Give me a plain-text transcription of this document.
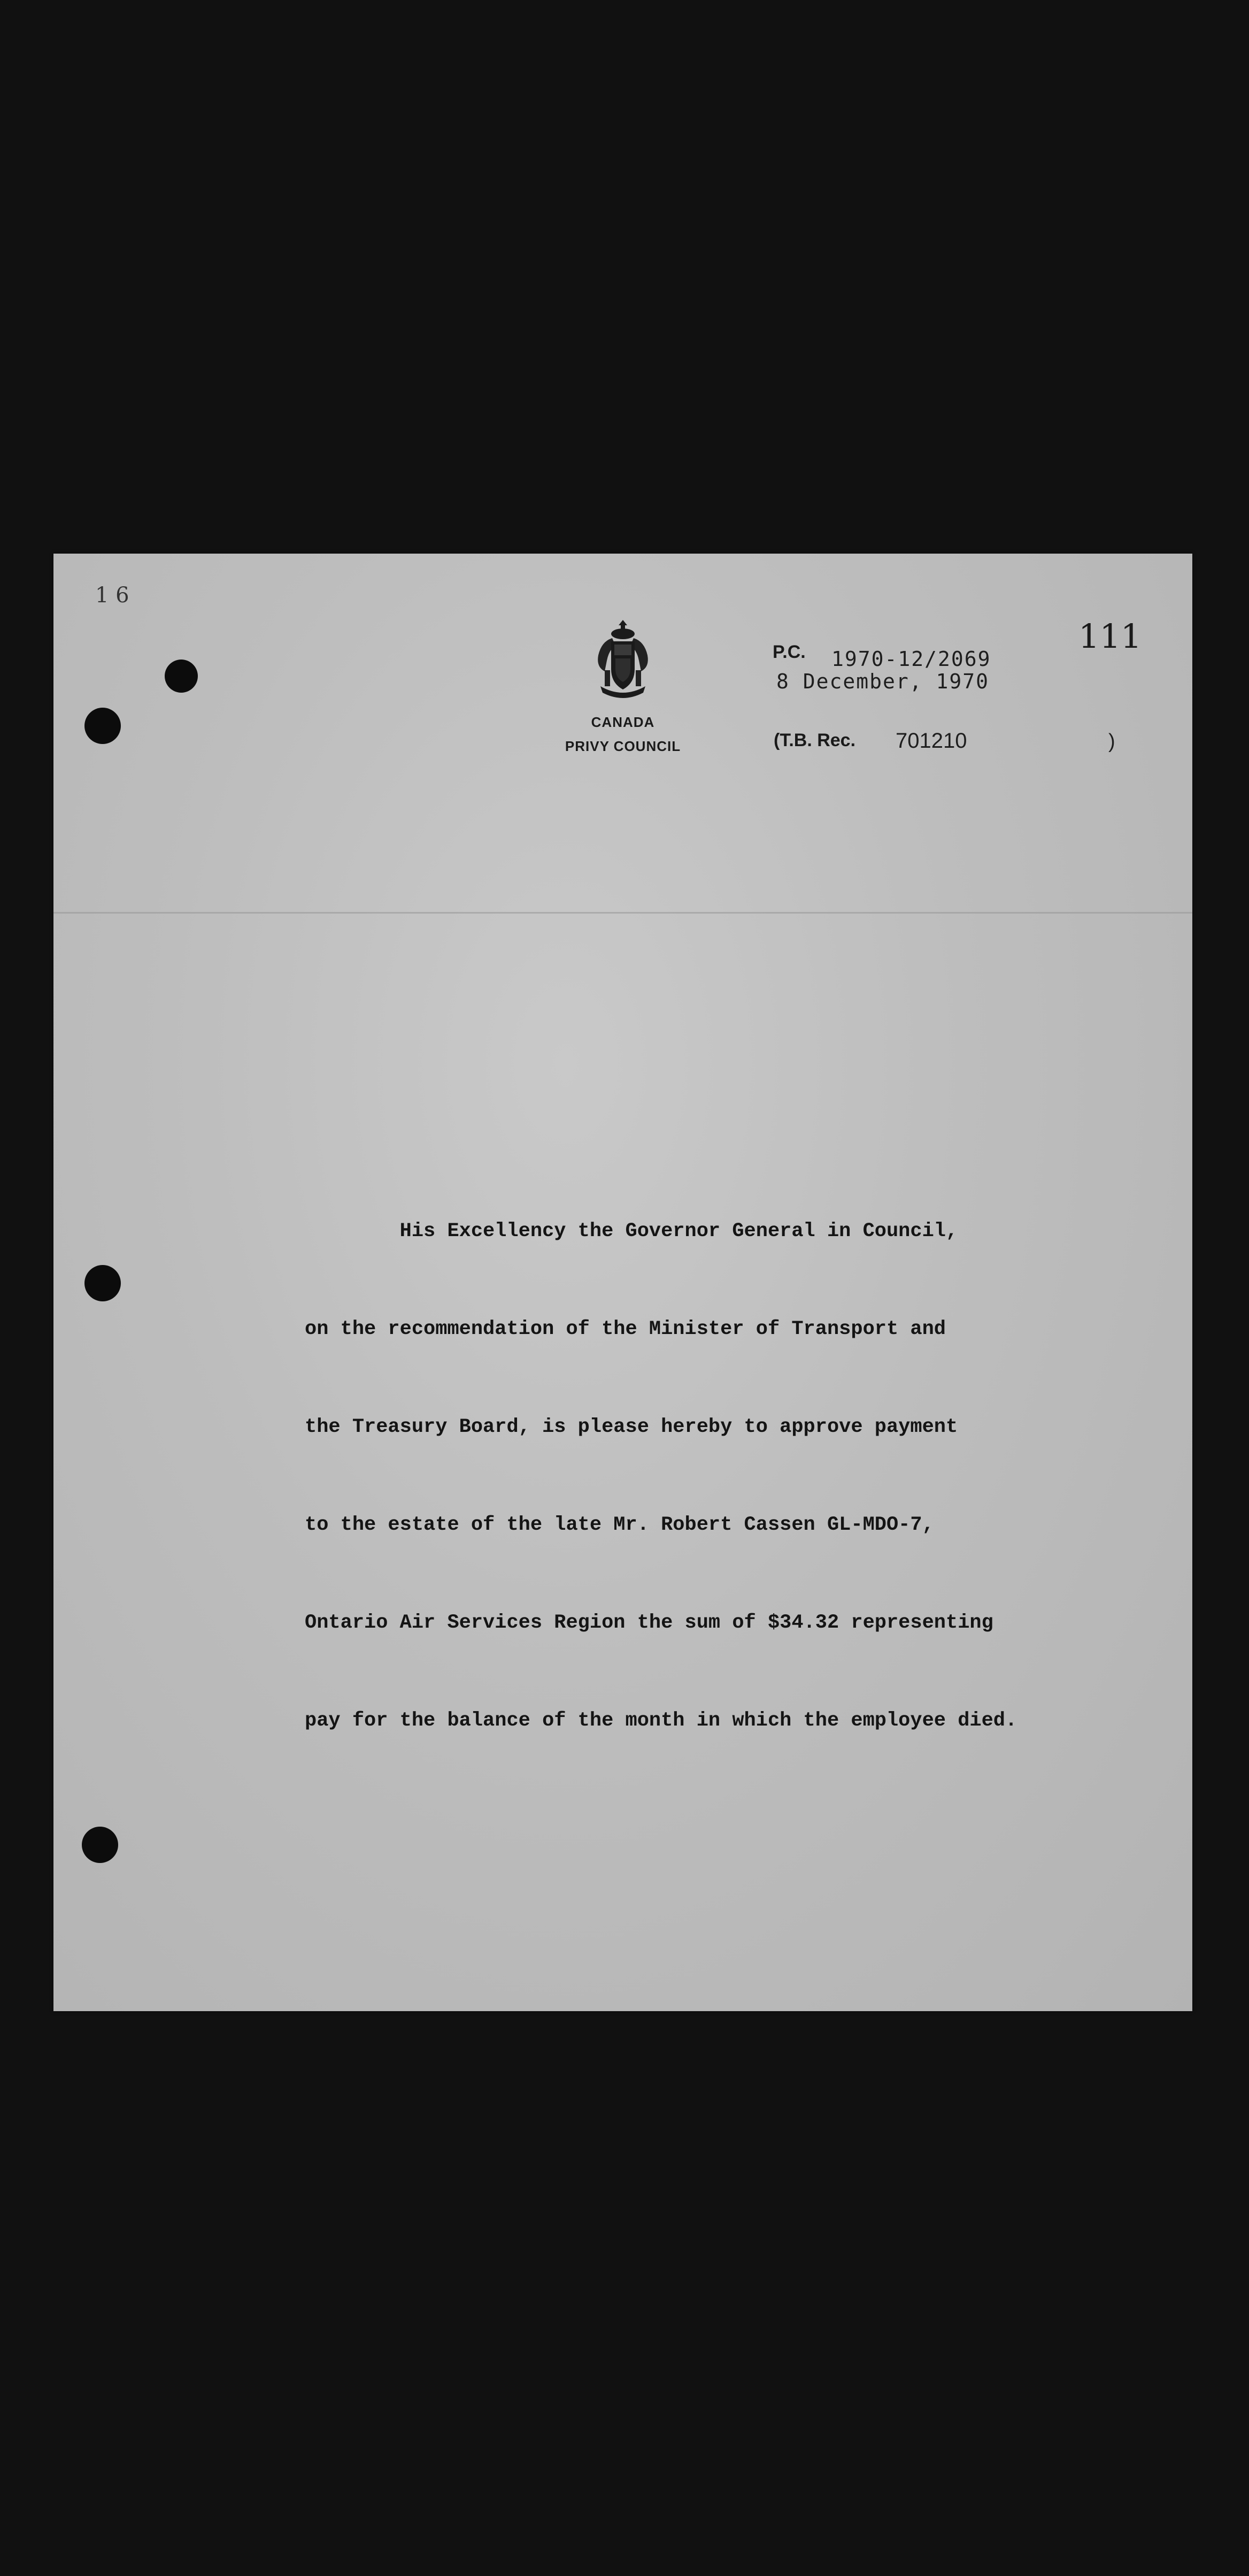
1 6
CANADA
PRIVY COUNCIL
P.C. 1970-12/2069
8 December, 1970
(T.B. Rec. 701210	)
111

His Excellency the Governor General in Council,

on the recommendation of the Minister of Transport and

the Treasury Board, is please hereby to approve payment

to the estate of the late Mr. Robert Cassen GL-MDO-7,

Ontario Air Services Region the sum of $34.32 representing

pay for the balance of the month in which the employee died.
